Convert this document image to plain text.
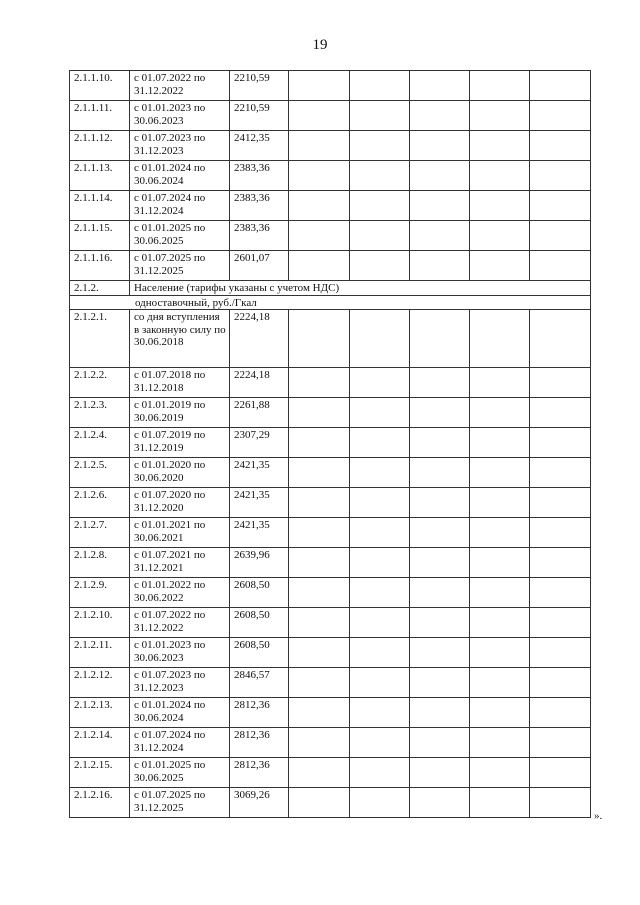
19
2.1.1.10.	с 01.07.2022 по 31.12.2022	2210,59					
2.1.1.11.	с 01.01.2023 по 30.06.2023	2210,59					
2.1.1.12.	с 01.07.2023 по 31.12.2023	2412,35					
2.1.1.13.	с 01.01.2024 по 30.06.2024	2383,36					
2.1.1.14.	с 01.07.2024 по 31.12.2024	2383,36					
2.1.1.15.	с 01.01.2025 по 30.06.2025	2383,36					
2.1.1.16.	с 01.07.2025 по 31.12.2025	2601,07					
2.1.2.	Население (тарифы указаны с учетом НДС)						
одноставочный, руб./Гкал							
2.1.2.1.	со дня вступления в законную силу по 30.06.2018	2224,18					
2.1.2.2.	с 01.07.2018 по 31.12.2018	2224,18					
2.1.2.3.	с 01.01.2019 по 30.06.2019	2261,88					
2.1.2.4.	с 01.07.2019 по 31.12.2019	2307,29					
2.1.2.5.	с 01.01.2020 по 30.06.2020	2421,35					
2.1.2.6.	с 01.07.2020 по 31.12.2020	2421,35					
2.1.2.7.	с 01.01.2021 по 30.06.2021	2421,35					
2.1.2.8.	с 01.07.2021 по 31.12.2021	2639,96					
2.1.2.9.	с 01.01.2022 по 30.06.2022	2608,50					
2.1.2.10.	с 01.07.2022 по 31.12.2022	2608,50					
2.1.2.11.	с 01.01.2023 по 30.06.2023	2608,50					
2.1.2.12.	с 01.07.2023 по 31.12.2023	2846,57					
2.1.2.13.	с 01.01.2024 по 30.06.2024	2812,36					
2.1.2.14.	с 01.07.2024 по 31.12.2024	2812,36					
2.1.2.15.	с 01.01.2025 по 30.06.2025	2812,36					
2.1.2.16.	с 01.07.2025 по 31.12.2025	3069,26					
».
